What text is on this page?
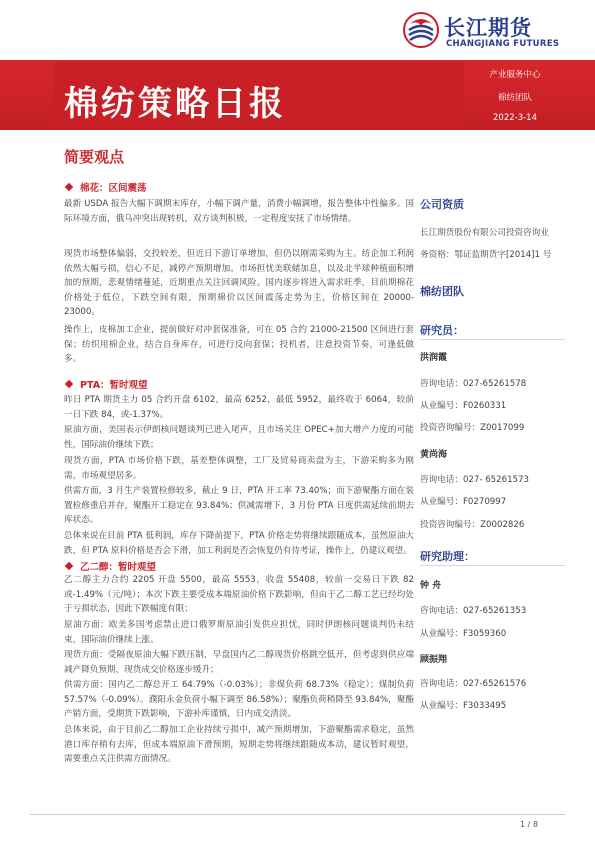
长江期货
CHANGJIANG FUTURES
棉纺策略日报
产业服务中心
棉纺团队
2022-3-14
简要观点
棉花：区间震荡
最新 USDA 报告大幅下调期末库存，小幅下调产量，消费小幅调增，报告整体中性偏多。国际环境方面，俄乌冲突出现转机，双方谈判积极，一定程度安抚了市场情绪。
现货市场整体偏弱，交投较差，但近日下游订单增加，但仍以刚需采购为主。纺企加工利润依然大幅亏损，信心不足，减停产预期增加。市场担忧美联储加息，以及北半球种植面积增加的预期，悲观情绪蔓延，近期重点关注回调风险。国内逐步将进入需求旺季，目前期棉花价格处于低位，下跌空间有限，预期棉价以区间震荡走势为主，价格区间在 20000-23000。
操作上，皮棉加工企业，提前做好对冲套保准备，可在 05 合约 21000-21500 区间进行套保；纺织用棉企业，结合自身库存，可进行反向套保；投机者，注意投资节奏，可逢低做多。
PTA：暂时观望
昨日 PTA 期货主力 05 合约开盘 6102，最高 6252，最低 5952，最终收于 6064，较前一日下跌 84，或-1.37%。
原油方面，美国表示伊朗核问题谈判已进入尾声，且市场关注 OPEC+加大增产力度的可能性，国际油价继续下跌；
现货方面，PTA 市场价格下跌，基差整体调整，工厂及贸易商卖盘为主，下游采购多为刚需，市场观望居多。
供需方面，3 月生产装置检修较多，截止 9 日，PTA 开工率 73.40%；而下游聚酯方面在装置检修重启并存，聚酯开工稳定在 93.84%；供减需增下，3 月份 PTA 日度供需延续前期去库状态。
总体来说在目前 PTA 低利润，库存下降前提下，PTA 价格走势将继续跟随成本，虽然原油大跌，但 PTA 原料价格是否会下滑，加工利润是否会恢复仍有待考证，操作上，仍建议观望。
乙二醇：暂时观望
乙二醇主力合约 2205 开盘 5500，最高 5553，收盘 55408，较前一交易日下跌 82 或-1.49%（元/吨）；本次下跌主要受成本端原油价格下跌影响，但由于乙二醇工艺已经均处于亏损状态，因此下跌幅度有限；
原油方面：欧美多国考虑禁止进口俄罗斯原油引发供应担忧，同时伊朗核问题谈判仍未结束，国际油价继续上涨。
现货方面：受隔夜原油大幅下跌压制，早盘国内乙二醇现货价格跳空低开，但考虑到供应端减产降负预期，现货成交价格逐步缓升；
供需方面：国内乙二醇总开工 64.79%（-0.03%）；非煤负荷 68.73%（稳定）；煤制负荷 57.57%（-0.09%）。濮阳永金负荷小幅下调至 86.58%）；聚酯负荷稍降至 93.84%，聚酯产销方面，受期货下跌影响，下游补库谨慎，日内成交清淡。
总体来说，由于目前乙二醇加工企业持续亏损中，减产预期增加，下游聚酯需求稳定，虽然港口库存稍有去库，但成本端原油下滑预期，短期走势将继续跟随成本动，建议暂时观望，需要重点关注供需方面情况。
公司资质
长江期货股份有限公司投资咨询业
务资格：鄂证监期货字[2014]1 号
棉纺团队
研究员：
洪润霞
咨询电话：027-65261578
从业编号：F0260331
投资咨询编号：Z0017099
黄尚海
咨询电话：027- 65261573
从业编号：F0270997
投资咨询编号：Z0002826
研究助理：
钟 舟
咨询电话：027-65261353
从业编号：F3059360
顾振翔
咨询电话：027-65261576
从业编号：F3033495
1 / 8
